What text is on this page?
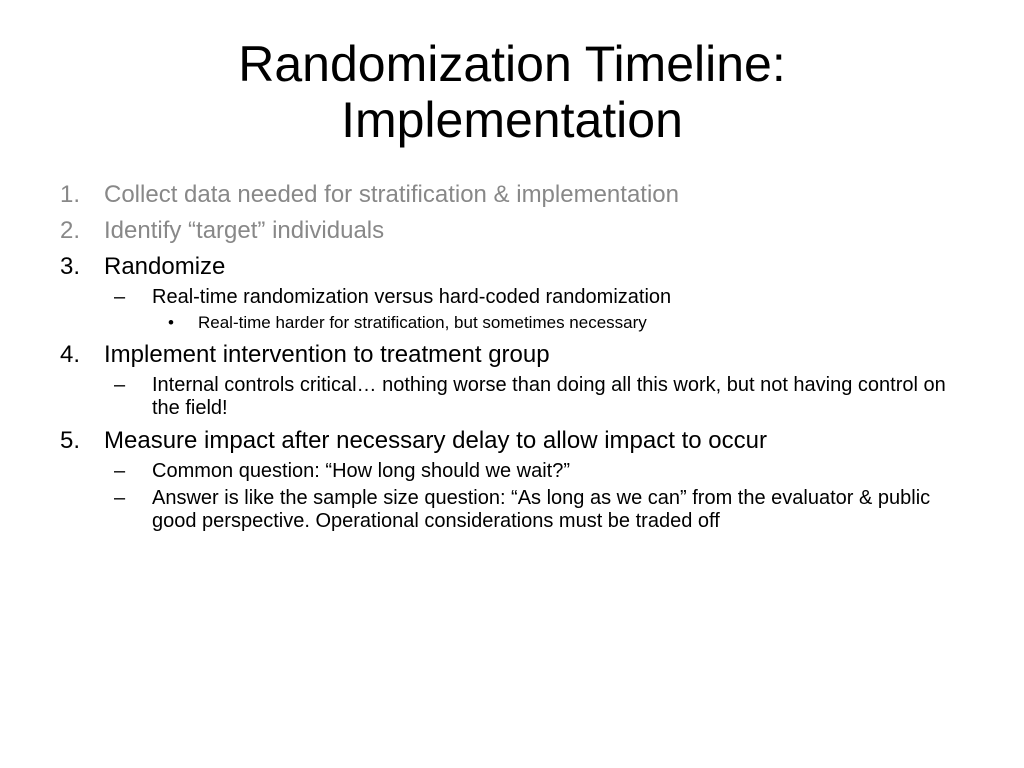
Randomization Timeline:
Implementation
1. Collect data needed for stratification & implementation
2. Identify “target” individuals
3. Randomize
– Real-time randomization versus hard-coded randomization
• Real-time harder for stratification, but sometimes necessary
4. Implement intervention to treatment group
– Internal controls critical… nothing worse than doing all this work, but not having control on the field!
5. Measure impact after necessary delay to allow impact to occur
– Common question: “How long should we wait?”
– Answer is like the sample size question: “As long as we can” from the evaluator & public good perspective. Operational considerations must be traded off
